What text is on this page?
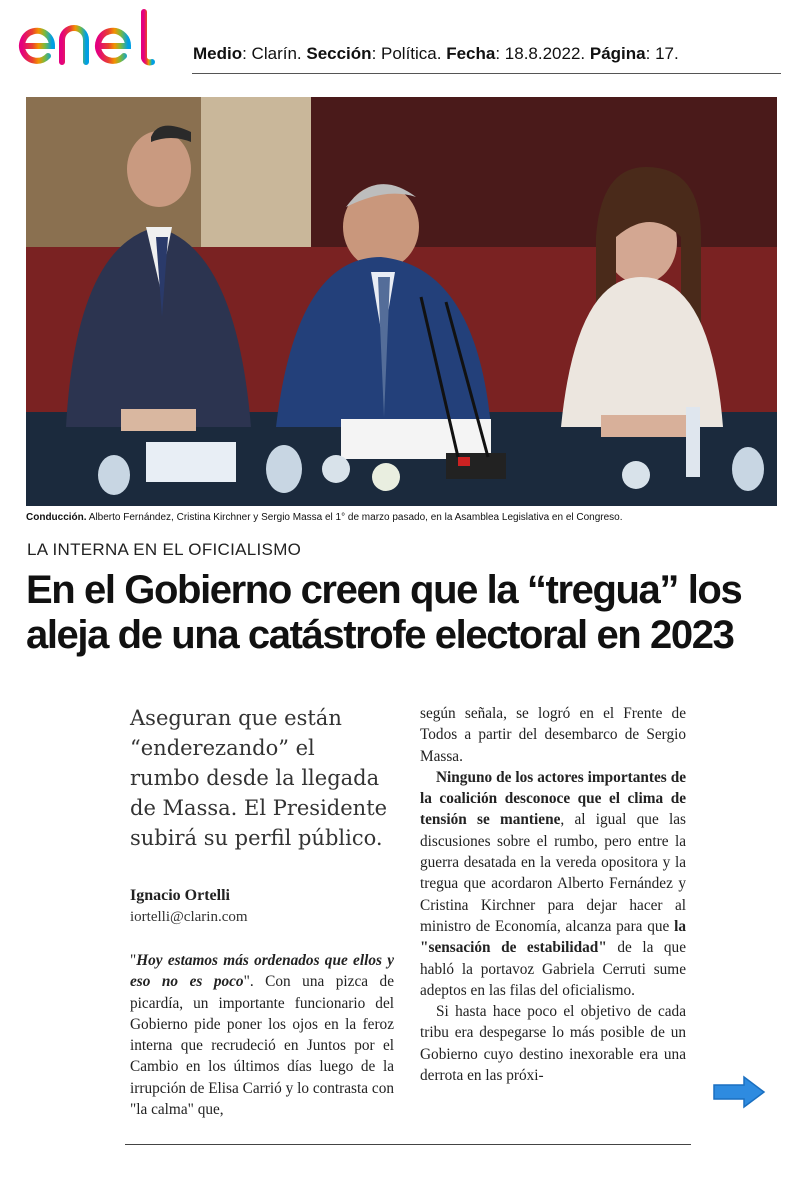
Medio: Clarín. Sección: Política. Fecha: 18.8.2022. Página: 17.
Conducción. Alberto Fernández, Cristina Kirchner y Sergio Massa el 1° de marzo pasado, en la Asamblea Legislativa en el Congreso.
LA INTERNA EN EL OFICIALISMO
En el Gobierno creen que la “tregua” los aleja de una catástrofe electoral en 2023

Aseguran que están “enderezando” el rumbo desde la llegada de Massa. El Presidente subirá su perfil público.

Ignacio Ortelli
iortelli@clarin.com

"Hoy estamos más ordenados que ellos y eso no es poco". Con una pizca de picardía, un importante funcionario del Gobierno pide poner los ojos en la feroz interna que recrudeció en Juntos por el Cambio en los últimos días luego de la irrupción de Elisa Carrió y lo contrasta con "la calma" que,

según señala, se logró en el Frente de Todos a partir del desembarco de Sergio Massa.

Ninguno de los actores importantes de la coalición desconoce que el clima de tensión se mantiene, al igual que las discusiones sobre el rumbo, pero entre la guerra desatada en la vereda opositora y la tregua que acordaron Alberto Fernández y Cristina Kirchner para dejar hacer al ministro de Economía, alcanza para que la "sensación de estabilidad" de la que habló la portavoz Gabriela Cerruti sume adeptos en las filas del oficialismo.

Si hasta hace poco el objetivo de cada tribu era despegarse lo más posible de un Gobierno cuyo destino inexorable era una derrota en las próxi-
